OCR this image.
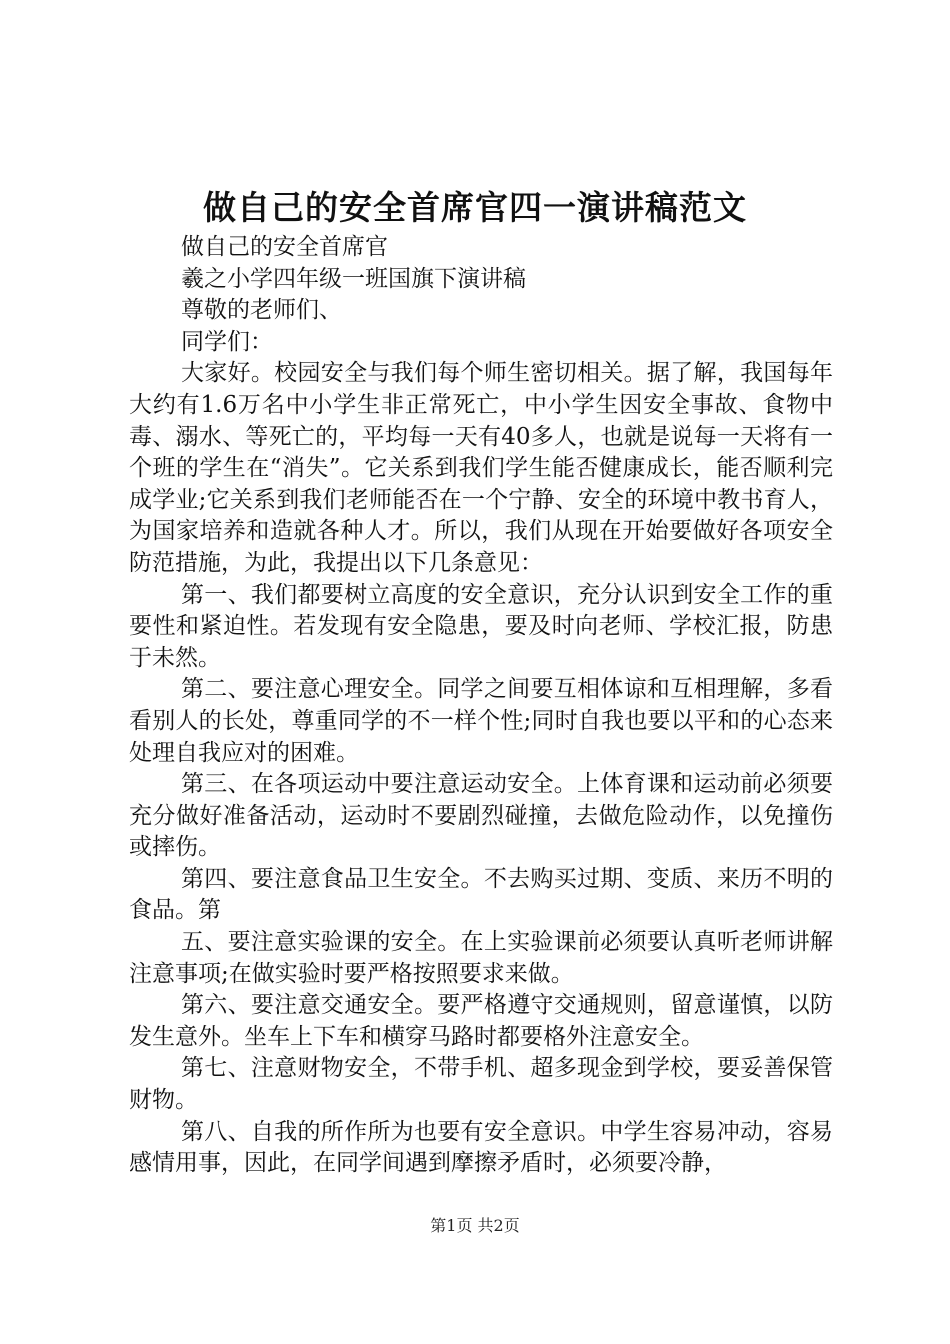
做自己的安全首席官四一演讲稿范文
做自己的安全首席官
羲之小学四年级一班国旗下演讲稿
尊敬的老师们、
同学们：

大家好。校园安全与我们每个师生密切相关。据了解，我国每年大约有1.6万名中小学生非正常死亡，中小学生因安全事故、食物中毒、溺水、等死亡的，平均每一天有40多人，也就是说每一天将有一个班的学生在“消失”。它关系到我们学生能否健康成长，能否顺利完成学业;它关系到我们老师能否在一个宁静、安全的环境中教书育人，为国家培养和造就各种人才。所以，我们从现在开始要做好各项安全防范措施，为此，我提出以下几条意见：

第一、我们都要树立高度的安全意识，充分认识到安全工作的重要性和紧迫性。若发现有安全隐患，要及时向老师、学校汇报，防患于未然。

第二、要注意心理安全。同学之间要互相体谅和互相理解，多看看别人的长处，尊重同学的不一样个性;同时自我也要以平和的心态来处理自我应对的困难。

第三、在各项运动中要注意运动安全。上体育课和运动前必须要充分做好准备活动，运动时不要剧烈碰撞，去做危险动作，以免撞伤或摔伤。

第四、要注意食品卫生安全。不去购买过期、变质、来历不明的食品。第

五、要注意实验课的安全。在上实验课前必须要认真听老师讲解注意事项;在做实验时要严格按照要求来做。

第六、要注意交通安全。要严格遵守交通规则，留意谨慎，以防发生意外。坐车上下车和横穿马路时都要格外注意安全。

第七、注意财物安全，不带手机、超多现金到学校，要妥善保管财物。

第八、自我的所作所为也要有安全意识。中学生容易冲动，容易感情用事，因此，在同学间遇到摩擦矛盾时，必须要冷静，

第1页 共2页
